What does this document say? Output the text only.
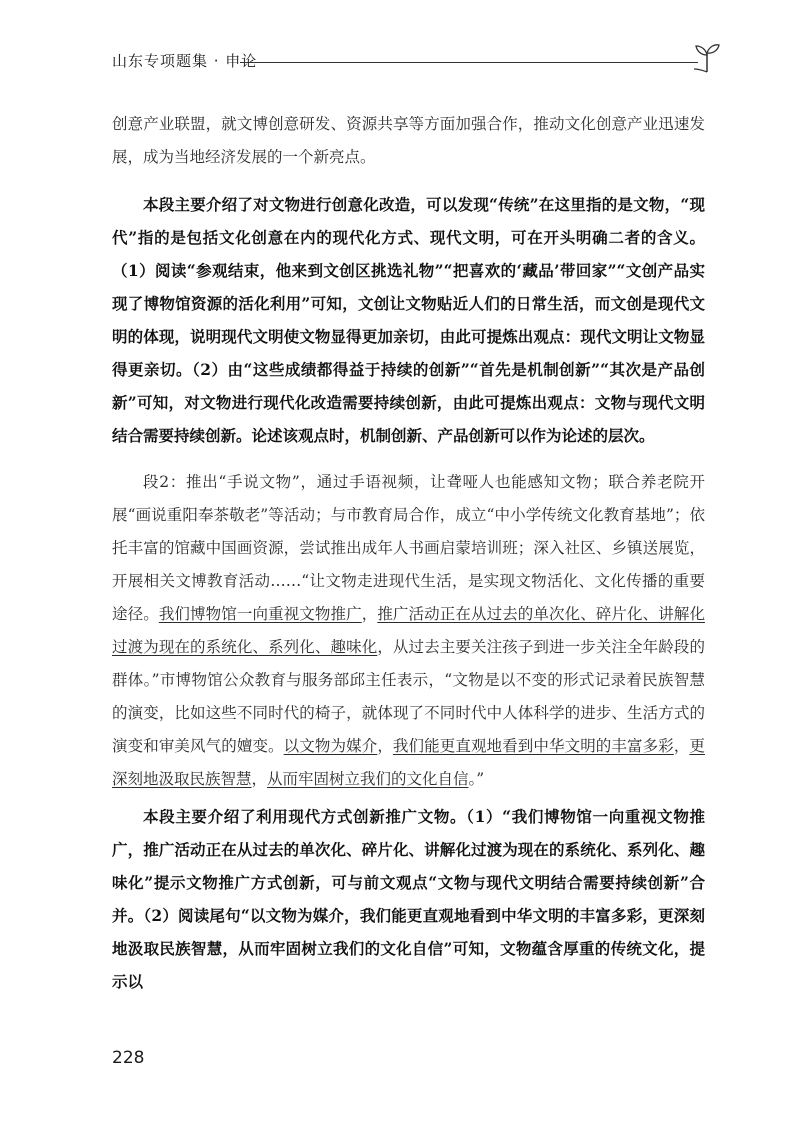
山东专项题集 · 申论

创意产业联盟，就文博创意研发、资源共享等方面加强合作，推动文化创意产业迅速发展，成为当地经济发展的一个新亮点。

本段主要介绍了对文物进行创意化改造，可以发现“传统”在这里指的是文物，“现代”指的是包括文化创意在内的现代化方式、现代文明，可在开头明确二者的含义。（1）阅读“参观结束，他来到文创区挑选礼物”“把喜欢的‘藏品’带回家”“文创产品实现了博物馆资源的活化利用”可知，文创让文物贴近人们的日常生活，而文创是现代文明的体现，说明现代文明使文物显得更加亲切，由此可提炼出观点：现代文明让文物显得更亲切。（2）由“这些成绩都得益于持续的创新”“首先是机制创新”“其次是产品创新”可知，对文物进行现代化改造需要持续创新，由此可提炼出观点：文物与现代文明结合需要持续创新。论述该观点时，机制创新、产品创新可以作为论述的层次。

段2：推出“手说文物”，通过手语视频，让聋哑人也能感知文物；联合养老院开展“画说重阳奉茶敬老”等活动；与市教育局合作，成立“中小学传统文化教育基地”；依托丰富的馆藏中国画资源，尝试推出成年人书画启蒙培训班；深入社区、乡镇送展览，开展相关文博教育活动……“让文物走进现代生活，是实现文物活化、文化传播的重要途径。我们博物馆一向重视文物推广，推广活动正在从过去的单次化、碎片化、讲解化过渡为现在的系统化、系列化、趣味化，从过去主要关注孩子到进一步关注全年龄段的群体。”市博物馆公众教育与服务部邱主任表示，“文物是以不变的形式记录着民族智慧的演变，比如这些不同时代的椅子，就体现了不同时代中人体科学的进步、生活方式的演变和审美风气的嬗变。以文物为媒介，我们能更直观地看到中华文明的丰富多彩，更深刻地汲取民族智慧，从而牢固树立我们的文化自信。”

本段主要介绍了利用现代方式创新推广文物。（1）“我们博物馆一向重视文物推广，推广活动正在从过去的单次化、碎片化、讲解化过渡为现在的系统化、系列化、趣味化”提示文物推广方式创新，可与前文观点“文物与现代文明结合需要持续创新”合并。（2）阅读尾句“以文物为媒介，我们能更直观地看到中华文明的丰富多彩，更深刻地汲取民族智慧，从而牢固树立我们的文化自信”可知，文物蕴含厚重的传统文化，提示以

228
